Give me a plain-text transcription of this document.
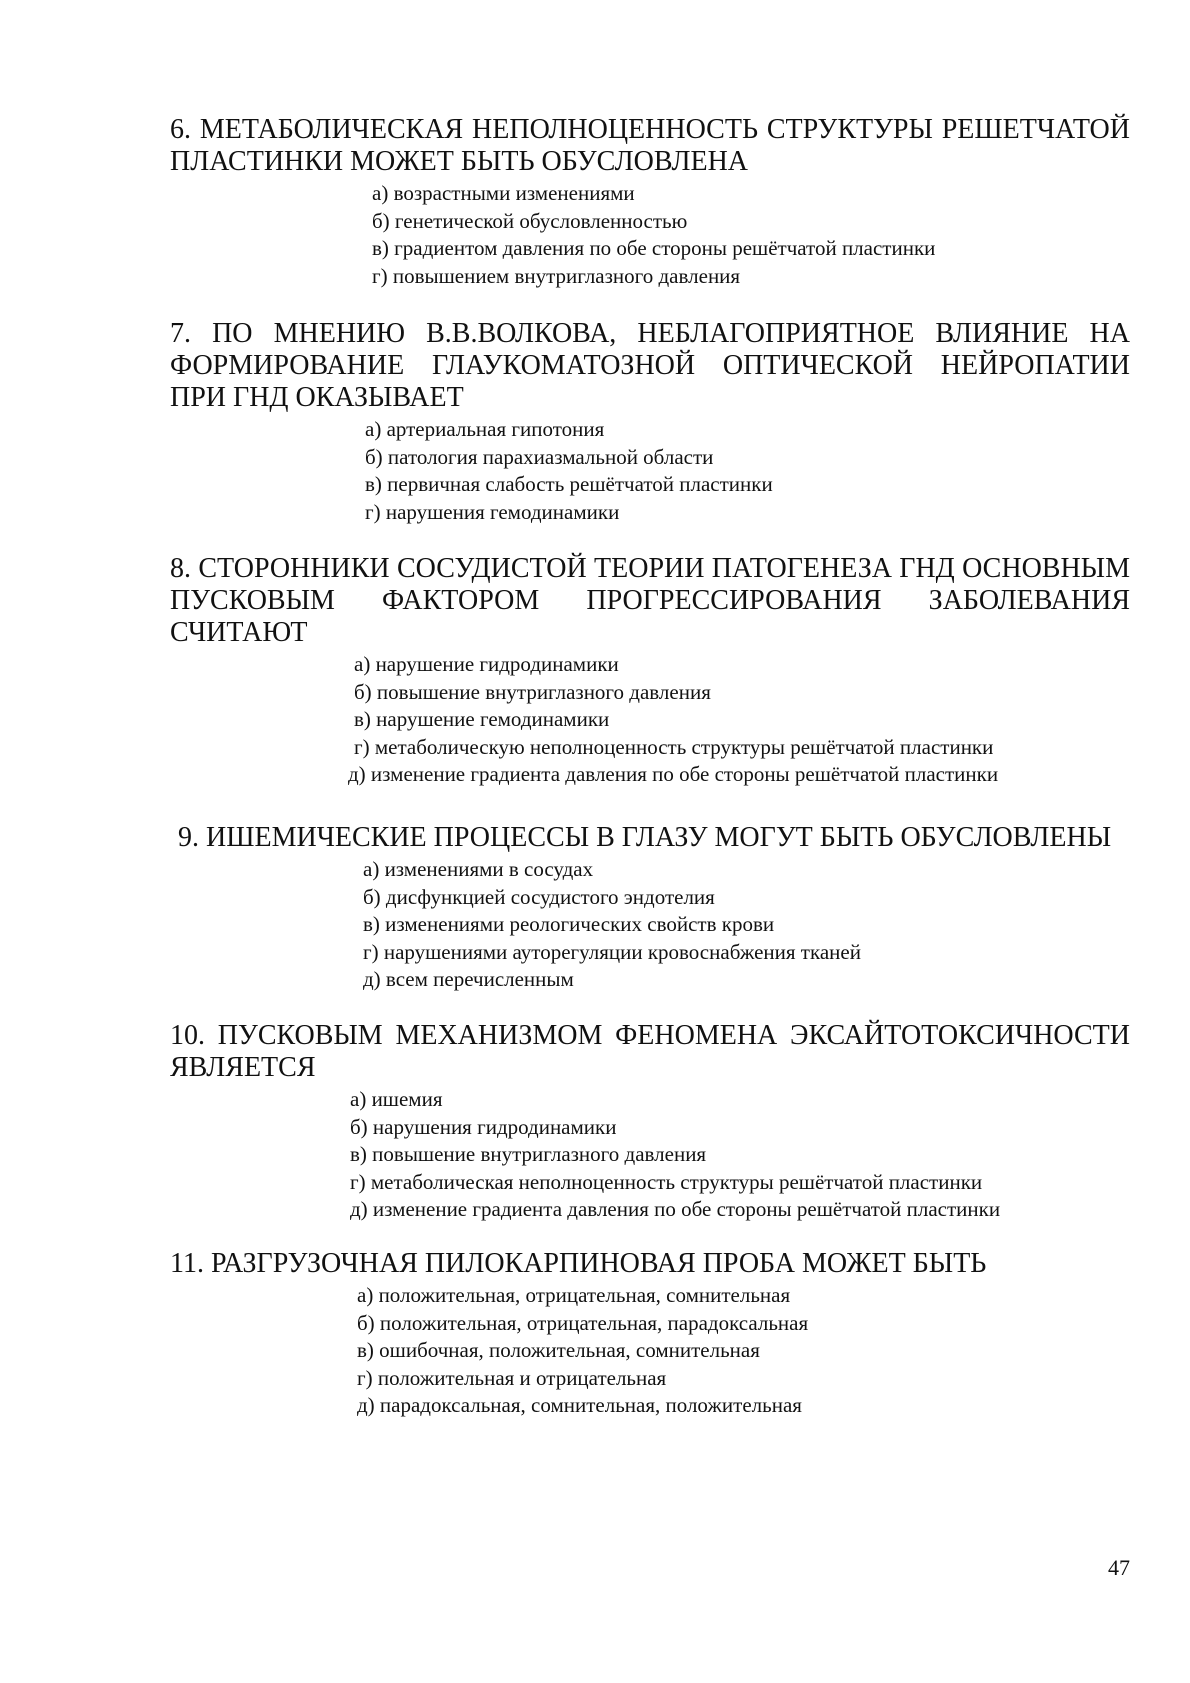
6. МЕТАБОЛИЧЕСКАЯ НЕПОЛНОЦЕННОСТЬ СТРУКТУРЫ РЕШЕТЧАТОЙ ПЛАСТИНКИ МОЖЕТ БЫТЬ ОБУСЛОВЛЕНА
а) возрастными изменениями
б) генетической обусловленностью
в) градиентом давления по обе стороны решётчатой пластинки
г) повышением внутриглазного давления
7. ПО МНЕНИЮ В.В.ВОЛКОВА, НЕБЛАГОПРИЯТНОЕ ВЛИЯНИЕ НА ФОРМИРОВАНИЕ ГЛАУКОМАТОЗНОЙ ОПТИЧЕСКОЙ НЕЙРОПАТИИ ПРИ ГНД ОКАЗЫВАЕТ
а) артериальная гипотония
б) патология парахиазмальной области
в) первичная слабость решётчатой пластинки
г) нарушения гемодинамики
8. СТОРОННИКИ СОСУДИСТОЙ ТЕОРИИ ПАТОГЕНЕЗА ГНД ОСНОВНЫМ ПУСКОВЫМ ФАКТОРОМ ПРОГРЕССИРОВАНИЯ ЗАБОЛЕВАНИЯ СЧИТАЮТ
а) нарушение гидродинамики
б) повышение внутриглазного давления
в) нарушение гемодинамики
г) метаболическую неполноценность структуры решётчатой пластинки
д) изменение градиента давления по обе стороны решётчатой пластинки
9. ИШЕМИЧЕСКИЕ ПРОЦЕССЫ В ГЛАЗУ МОГУТ БЫТЬ ОБУСЛОВЛЕНЫ
а) изменениями в сосудах
б) дисфункцией сосудистого эндотелия
в) изменениями реологических свойств крови
г) нарушениями ауторегуляции кровоснабжения тканей
д) всем перечисленным
10. ПУСКОВЫМ МЕХАНИЗМОМ ФЕНОМЕНА ЭКСАЙТОТОКСИЧНОСТИ ЯВЛЯЕТСЯ
а) ишемия
б) нарушения гидродинамики
в) повышение внутриглазного давления
г) метаболическая неполноценность структуры решётчатой пластинки
д) изменение градиента давления по обе стороны решётчатой пластинки
11. РАЗГРУЗОЧНАЯ ПИЛОКАРПИНОВАЯ ПРОБА МОЖЕТ БЫТЬ
а) положительная, отрицательная, сомнительная
б) положительная, отрицательная, парадоксальная
в) ошибочная, положительная, сомнительная
г) положительная и отрицательная
д) парадоксальная, сомнительная, положительная
47
